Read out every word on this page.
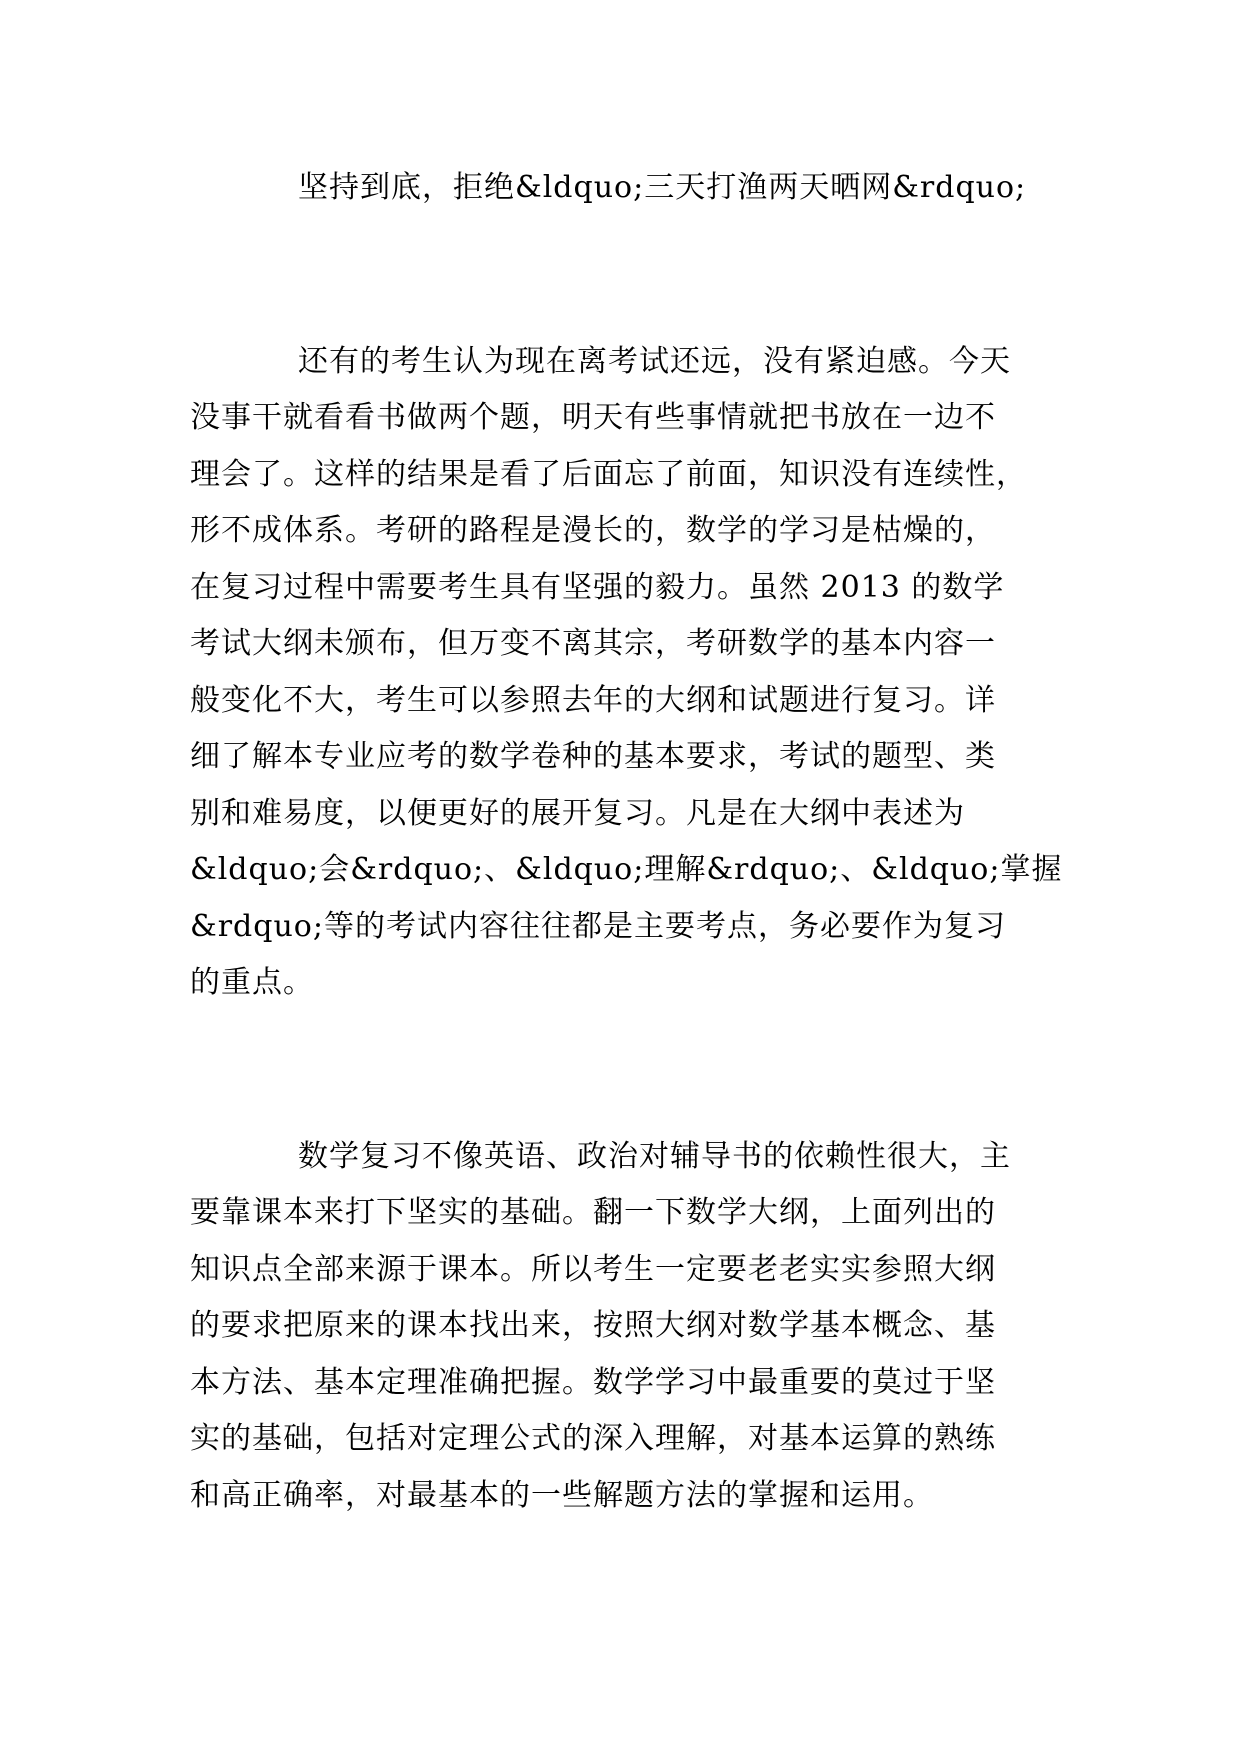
坚持到底，拒绝&ldquo;三天打渔两天晒网&rdquo;
还有的考生认为现在离考试还远，没有紧迫感。今天
没事干就看看书做两个题，明天有些事情就把书放在一边不
理会了。这样的结果是看了后面忘了前面，知识没有连续性，
形不成体系。考研的路程是漫长的，数学的学习是枯燥的，
在复习过程中需要考生具有坚强的毅力。虽然 2013 的数学
考试大纲未颁布，但万变不离其宗，考研数学的基本内容一
般变化不大，考生可以参照去年的大纲和试题进行复习。详
细了解本专业应考的数学卷种的基本要求，考试的题型、类
别和难易度，以便更好的展开复习。凡是在大纲中表述为
&ldquo;会&rdquo;、&ldquo;理解&rdquo;、&ldquo;掌握
&rdquo;等的考试内容往往都是主要考点，务必要作为复习
的重点。
数学复习不像英语、政治对辅导书的依赖性很大，主
要靠课本来打下坚实的基础。翻一下数学大纲，上面列出的
知识点全部来源于课本。所以考生一定要老老实实参照大纲
的要求把原来的课本找出来，按照大纲对数学基本概念、基
本方法、基本定理准确把握。数学学习中最重要的莫过于坚
实的基础，包括对定理公式的深入理解，对基本运算的熟练
和高正确率，对最基本的一些解题方法的掌握和运用。
